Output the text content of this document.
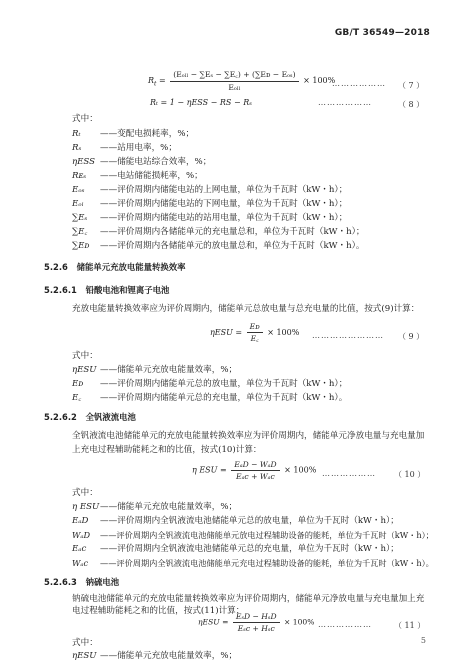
GB/T 36549—2018
$R_t = \frac{\text{(Eₒₗₗ − ∑Eₛ − ∑E꜀) + (∑Eᴅ − Eₒₛ)}}{\text{Eₒₗₗ}} \times 100\%$
（ 7 ）
………………
Rₜ = 1 − ηESS − RS − Rₛ	………………	（ 8 ）
式中：
Rₜ ——变配电损耗率，%；
Rₛ ——站用电率，%；
ηESS ——储能电站综合效率，%；
Rᴇₛ ——电站储能损耗率，%；
Eₒₛ ——评价周期内储能电站的上网电量，单位为千瓦时（kW・h）；
Eₒₗ ——评价周期内储能电站的下网电量，单位为千瓦时（kW・h）；
∑Eₛ ——评价周期内储能电站的站用电量，单位为千瓦时（kW・h）；
∑E꜀ ——评价周期内各储能单元的充电量总和，单位为千瓦时（kW・h）；
∑Eᴅ ——评价周期内各储能单元的放电量总和，单位为千瓦时（kW・h）。
5.2.6 储能单元充放电能量转换效率
5.2.6.1 铅酸电池和锂离子电池
充放电能量转换效率应为评价周期内，储能单元总放电量与总充电量的比值，按式(9)计算：
$\eta ESU = \frac{\text{Eᴅ}}{E꜀} \times 100\%$ …………………… （ 9 ）
式中：
ηESU ——储能单元充放电能量效率，%；
Eᴅ ——评价周期内储能单元总的放电量，单位为千瓦时（kW・h）；
E꜀ ——评价周期内储能单元总的充电量，单位为千瓦时（kW・h）。
5.2.6.2 全钒液流电池
全钒液流电池储能单元的充放电能量转换效率应为评价周期内，储能单元净放电量与充电量加上充电过程辅助能耗之和的比值，按式(10)计算：
η ESU = $\frac{\text{EₐD − WₐD}}{\text{Eₐc + Wₐc}} \times 100\%$ ……………… （ 10 ）
式中：
η ESU——储能单元充放电能量效率，%；
EₐD ——评价周期内全钒液流电池储能单元总的放电量，单位为千瓦时（kW・h）；
WₐD ——评价周期内全钒液流电池储能单元放电过程辅助设备的能耗，单位为千瓦时（kW・h）；
Eₐc ——评价周期内全钒液流电池储能单元总的充电量，单位为千瓦时（kW・h）；
Wₐc ——评价周期内全钒液流电池储能单元充电过程辅助设备的能耗，单位为千瓦时（kW・h）。
5.2.6.3 钠硫电池
钠硫电池储能单元的充放电能量转换效率应为评价周期内，储能单元净放电量与充电量加上充电过程辅助能耗之和的比值，按式(11)计算：
$\eta ESU = \frac{\text{EₛD − HₛD}}{\text{Eₛc + Hₛc}} \times 100\%$ ………………	（ 11 ）
式中：
ηESU ——储能单元充放电能量效率，%；
5
